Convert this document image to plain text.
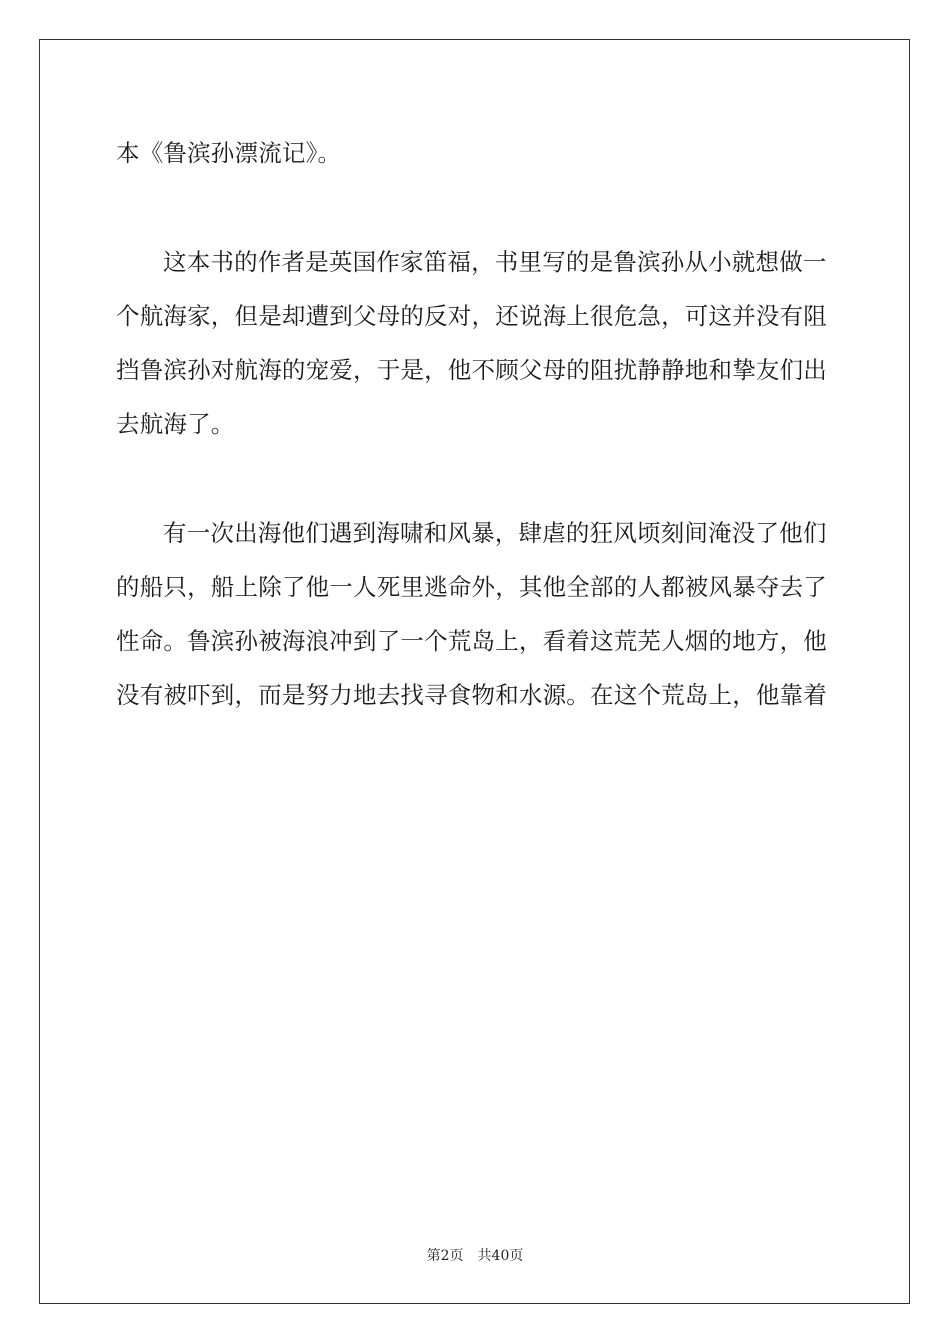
本《鲁滨孙漂流记》。

这本书的作者是英国作家笛福，书里写的是鲁滨孙从小就想做一

个航海家，但是却遭到父母的反对，还说海上很危急，可这并没有阻

挡鲁滨孙对航海的宠爱，于是，他不顾父母的阻扰静静地和挚友们出

去航海了。

有一次出海他们遇到海啸和风暴，肆虐的狂风顷刻间淹没了他们

的船只，船上除了他一人死里逃命外，其他全部的人都被风暴夺去了

性命。鲁滨孙被海浪冲到了一个荒岛上，看着这荒芜人烟的地方，他

没有被吓到，而是努力地去找寻食物和水源。在这个荒岛上，他靠着

第2页 共40页
